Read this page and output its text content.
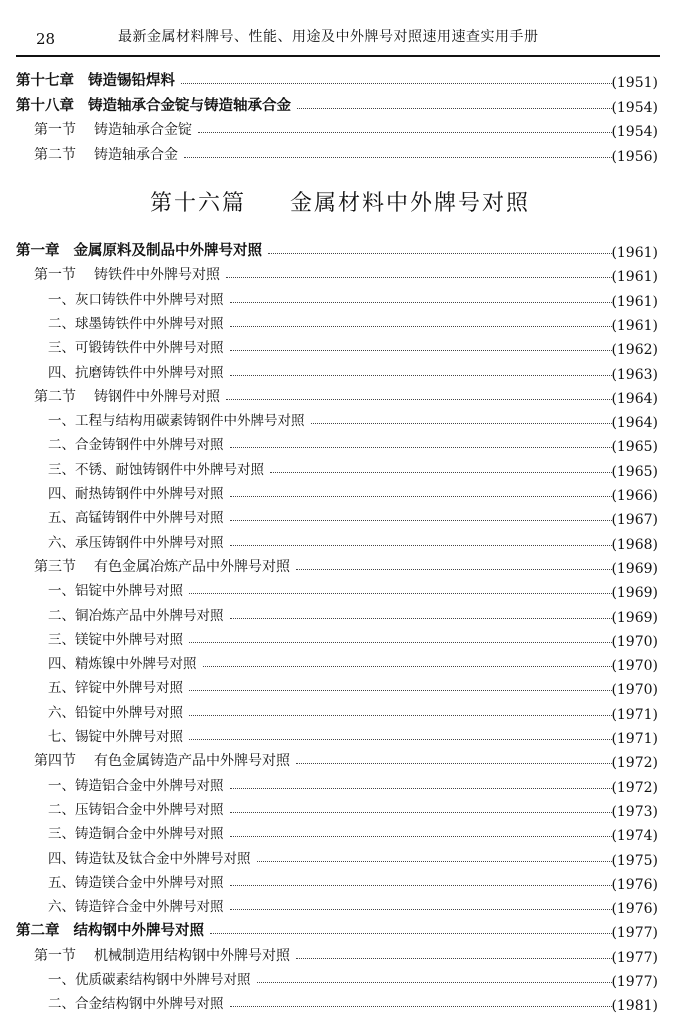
28	最新金属材料牌号、性能、用途及中外牌号对照速用速查实用手册
第十六篇 金属材料中外牌号对照
第十七章 铸造锡铅焊料	(1951)
第十八章 铸造轴承合金锭与铸造轴承合金	(1954)
第一节 铸造轴承合金锭	(1954)
第二节 铸造轴承合金	(1956)
第一章 金属原料及制品中外牌号对照	(1961)
第一节 铸铁件中外牌号对照	(1961)
一、灰口铸铁件中外牌号对照	(1961)
二、球墨铸铁件中外牌号对照	(1961)
三、可锻铸铁件中外牌号对照	(1962)
四、抗磨铸铁件中外牌号对照	(1963)
第二节 铸钢件中外牌号对照	(1964)
一、工程与结构用碳素铸钢件中外牌号对照	(1964)
二、合金铸钢件中外牌号对照	(1965)
三、不锈、耐蚀铸钢件中外牌号对照	(1965)
四、耐热铸钢件中外牌号对照	(1966)
五、高锰铸钢件中外牌号对照	(1967)
六、承压铸钢件中外牌号对照	(1968)
第三节 有色金属冶炼产品中外牌号对照	(1969)
一、铝锭中外牌号对照	(1969)
二、铜冶炼产品中外牌号对照	(1969)
三、镁锭中外牌号对照	(1970)
四、精炼镍中外牌号对照	(1970)
五、锌锭中外牌号对照	(1970)
六、铅锭中外牌号对照	(1971)
七、锡锭中外牌号对照	(1971)
第四节 有色金属铸造产品中外牌号对照	(1972)
一、铸造铝合金中外牌号对照	(1972)
二、压铸铝合金中外牌号对照	(1973)
三、铸造铜合金中外牌号对照	(1974)
四、铸造钛及钛合金中外牌号对照	(1975)
五、铸造镁合金中外牌号对照	(1976)
六、铸造锌合金中外牌号对照	(1976)
第二章 结构钢中外牌号对照	(1977)
第一节 机械制造用结构钢中外牌号对照	(1977)
一、优质碳素结构钢中外牌号对照	(1977)
二、合金结构钢中外牌号对照	(1981)
